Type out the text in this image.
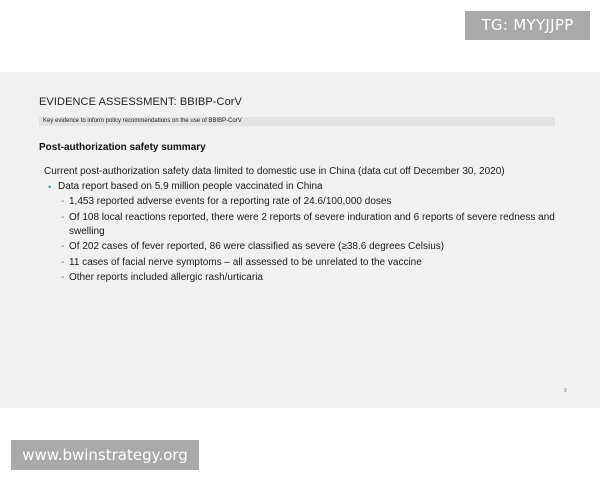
TG: MYYJJPP
EVIDENCE ASSESSMENT: BBIBP-CorV
Key evidence to inform policy recommendations on the use of BBIBP-CorV
Post-authorization safety summary
Current post-authorization safety data limited to domestic use in China (data cut off December 30, 2020)
• Data report based on 5.9 million people vaccinated in China
- 1,453 reported adverse events for a reporting rate of 24.6/100,000 doses
- Of 108 local reactions reported, there were 2 reports of severe induration and 6 reports of severe redness and swelling
- Of 202 cases of fever reported, 86 were classified as severe (≥38.6 degrees Celsius)
- 11 cases of facial nerve symptoms – all assessed to be unrelated to the vaccine
- Other reports included allergic rash/urticaria
9
www.bwinstrategy.org
